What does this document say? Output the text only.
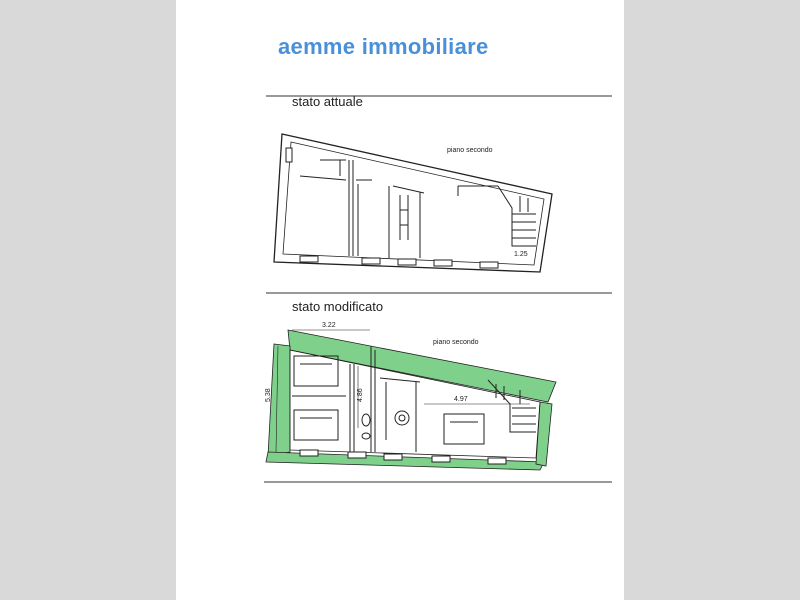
aemme immobiliare
stato attuale
stato modificato
piano secondo
1.25
piano secondo
3.22
5.38	4.86	4.97
